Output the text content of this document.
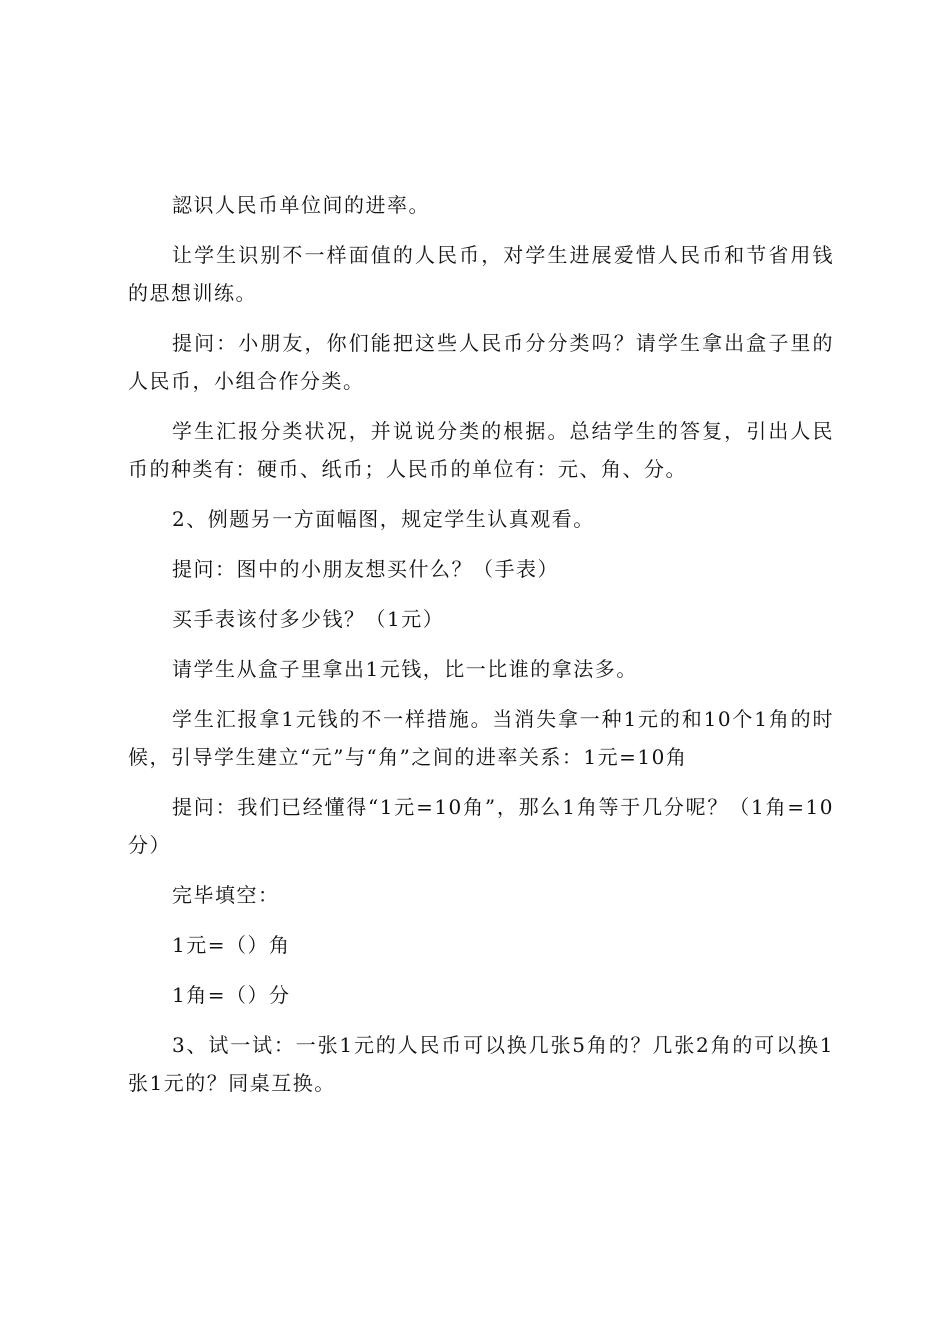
認识人民币单位间的进率。

让学生识别不一样面值的人民币，对学生进展爱惜人民币和节省用钱的思想训练。

提问：小朋友，你们能把这些人民币分分类吗？请学生拿出盒子里的人民币，小组合作分类。

学生汇报分类状况，并说说分类的根据。总结学生的答复，引出人民币的种类有：硬币、纸币；人民币的单位有：元、角、分。

2、例题另一方面幅图，规定学生认真观看。

提问：图中的小朋友想买什么？（手表）

买手表该付多少钱？（1元）

请学生从盒子里拿出1元钱，比一比谁的拿法多。

学生汇报拿1元钱的不一样措施。当消失拿一种1元的和10个1角的时候，引导学生建立“元”与“角”之间的进率关系：1元=10角

提问：我们已经懂得“1元=10角”，那么1角等于几分呢？（1角=10分）

完毕填空：

1元=（）角

1角=（）分

3、试一试：一张1元的人民币可以换几张5角的？几张2角的可以换1张1元的？同桌互换。
